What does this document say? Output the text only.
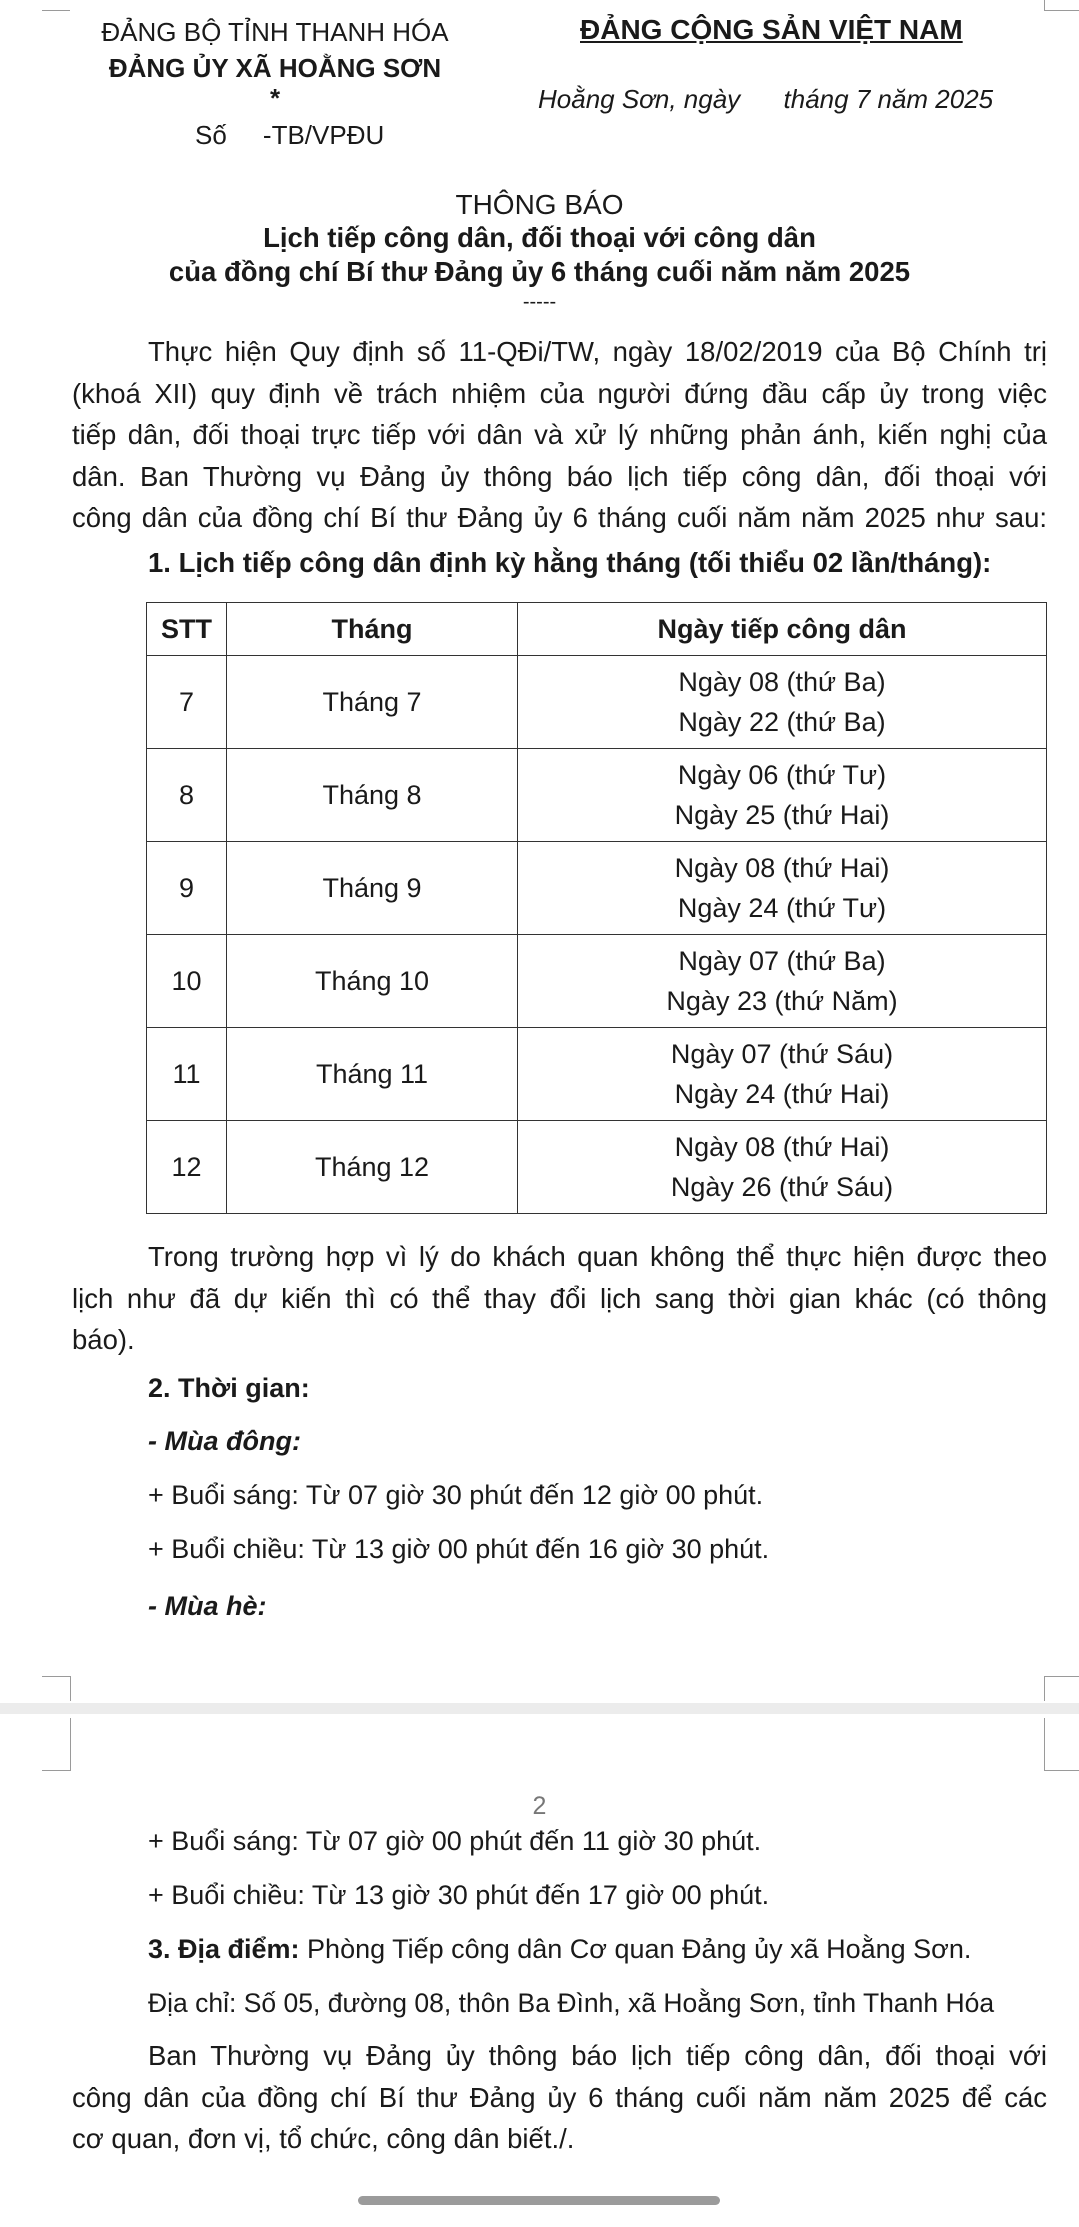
ĐẢNG BỘ TỈNH THANH HÓA
ĐẢNG ỦY XÃ HOẰNG SƠN
*
Số     -TB/VPĐU
ĐẢNG CỘNG SẢN VIỆT NAM
Hoằng Sơn, ngày      tháng 7 năm 2025
THÔNG BÁO
Lịch tiếp công dân, đối thoại với công dân
của đồng chí Bí thư Đảng ủy 6 tháng cuối năm năm 2025
-----
Thực hiện Quy định số 11-QĐi/TW, ngày 18/02/2019 của Bộ Chính trị
(khoá XII) quy định về trách nhiệm của người đứng đầu cấp ủy trong việc
tiếp dân, đối thoại trực tiếp với dân và xử lý những phản ánh, kiến nghị của
dân. Ban Thường vụ Đảng ủy thông báo lịch tiếp công dân, đối thoại với
công dân của đồng chí Bí thư Đảng ủy 6 tháng cuối năm năm 2025 như sau:
1. Lịch tiếp công dân định kỳ hằng tháng (tối thiểu 02 lần/tháng):
STT	Tháng	Ngày tiếp công dân
7	Tháng 7	Ngày 08 (thứ Ba)
Ngày 22 (thứ Ba)
8	Tháng 8	Ngày 06 (thứ Tư)
Ngày 25 (thứ Hai)
9	Tháng 9	Ngày 08 (thứ Hai)
Ngày 24 (thứ Tư)
10	Tháng 10	Ngày 07 (thứ Ba)
Ngày 23 (thứ Năm)
11	Tháng 11	Ngày 07 (thứ Sáu)
Ngày 24 (thứ Hai)
12	Tháng 12	Ngày 08 (thứ Hai)
Ngày 26 (thứ Sáu)
Trong trường hợp vì lý do khách quan không thể thực hiện được theo
lịch như đã dự kiến thì có thể thay đổi lịch sang thời gian khác (có thông
báo).
2. Thời gian:
- Mùa đông:
+ Buổi sáng: Từ 07 giờ 30 phút đến 12 giờ 00 phút.
+ Buổi chiều: Từ 13 giờ 00 phút đến 16 giờ 30 phút.
- Mùa hè:
2
+ Buổi sáng: Từ 07 giờ 00 phút đến 11 giờ 30 phút.
+ Buổi chiều: Từ 13 giờ 30 phút đến 17 giờ 00 phút.
3. Địa điểm: Phòng Tiếp công dân Cơ quan Đảng ủy xã Hoằng Sơn.
Địa chỉ: Số 05, đường 08, thôn Ba Đình, xã Hoằng Sơn, tỉnh Thanh Hóa
Ban Thường vụ Đảng ủy thông báo lịch tiếp công dân, đối thoại với
công dân của đồng chí Bí thư Đảng ủy 6 tháng cuối năm năm 2025 để các
cơ quan, đơn vị, tổ chức, công dân biết./.
